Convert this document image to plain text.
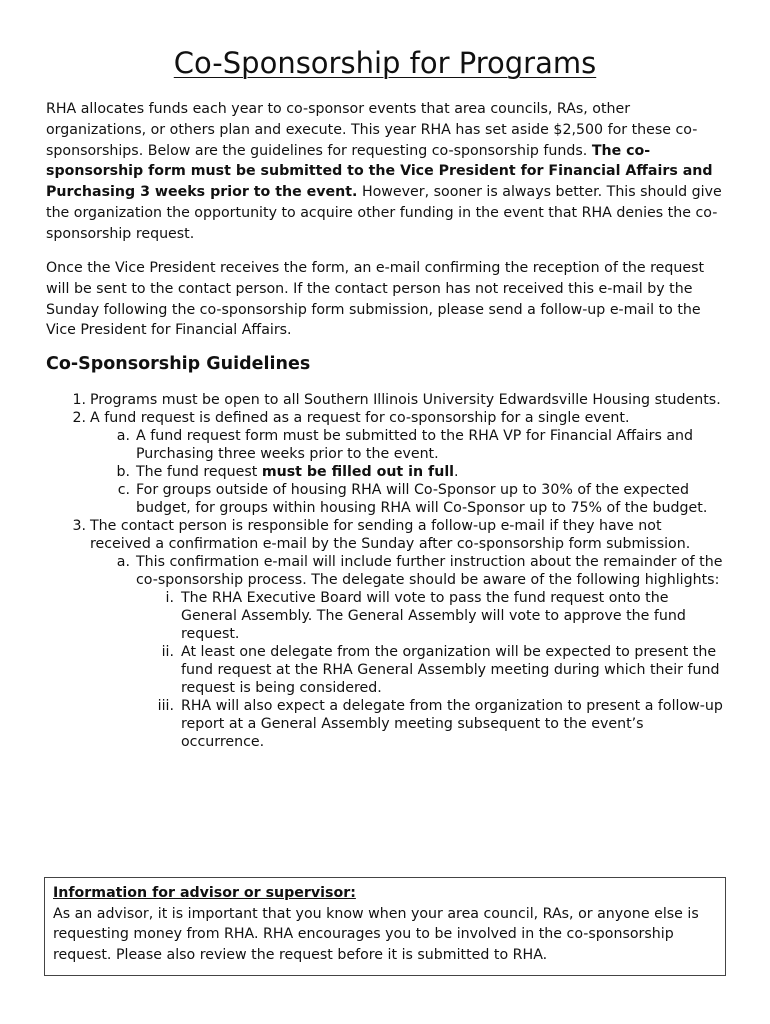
Co-Sponsorship for Programs

RHA allocates funds each year to co-sponsor events that area councils, RAs, other organizations, or others plan and execute. This year RHA has set aside $2,500 for these co-sponsorships. Below are the guidelines for requesting co-sponsorship funds. The co-sponsorship form must be submitted to the Vice President for Financial Affairs and Purchasing 3 weeks prior to the event. However, sooner is always better. This should give the organization the opportunity to acquire other funding in the event that RHA denies the co-sponsorship request.

Once the Vice President receives the form, an e-mail confirming the reception of the request will be sent to the contact person. If the contact person has not received this e-mail by the Sunday following the co-sponsorship form submission, please send a follow-up e-mail to the Vice President for Financial Affairs.

Co-Sponsorship Guidelines
1. Programs must be open to all Southern Illinois University Edwardsville Housing students.
2. A fund request is defined as a request for co-sponsorship for a single event.
a. A fund request form must be submitted to the RHA VP for Financial Affairs and Purchasing three weeks prior to the event.
b. The fund request must be filled out in full.
c. For groups outside of housing RHA will Co-Sponsor up to 30% of the expected budget, for groups within housing RHA will Co-Sponsor up to 75% of the budget.
3. The contact person is responsible for sending a follow-up e-mail if they have not received a confirmation e-mail by the Sunday after co-sponsorship form submission.
a. This confirmation e-mail will include further instruction about the remainder of the co-sponsorship process. The delegate should be aware of the following highlights:
i. The RHA Executive Board will vote to pass the fund request onto the General Assembly. The General Assembly will vote to approve the fund request.
ii. At least one delegate from the organization will be expected to present the fund request at the RHA General Assembly meeting during which their fund request is being considered.
iii. RHA will also expect a delegate from the organization to present a follow-up report at a General Assembly meeting subsequent to the event’s occurrence.
Information for advisor or supervisor:
As an advisor, it is important that you know when your area council, RAs, or anyone else is requesting money from RHA. RHA encourages you to be involved in the co-sponsorship request. Please also review the request before it is submitted to RHA.
